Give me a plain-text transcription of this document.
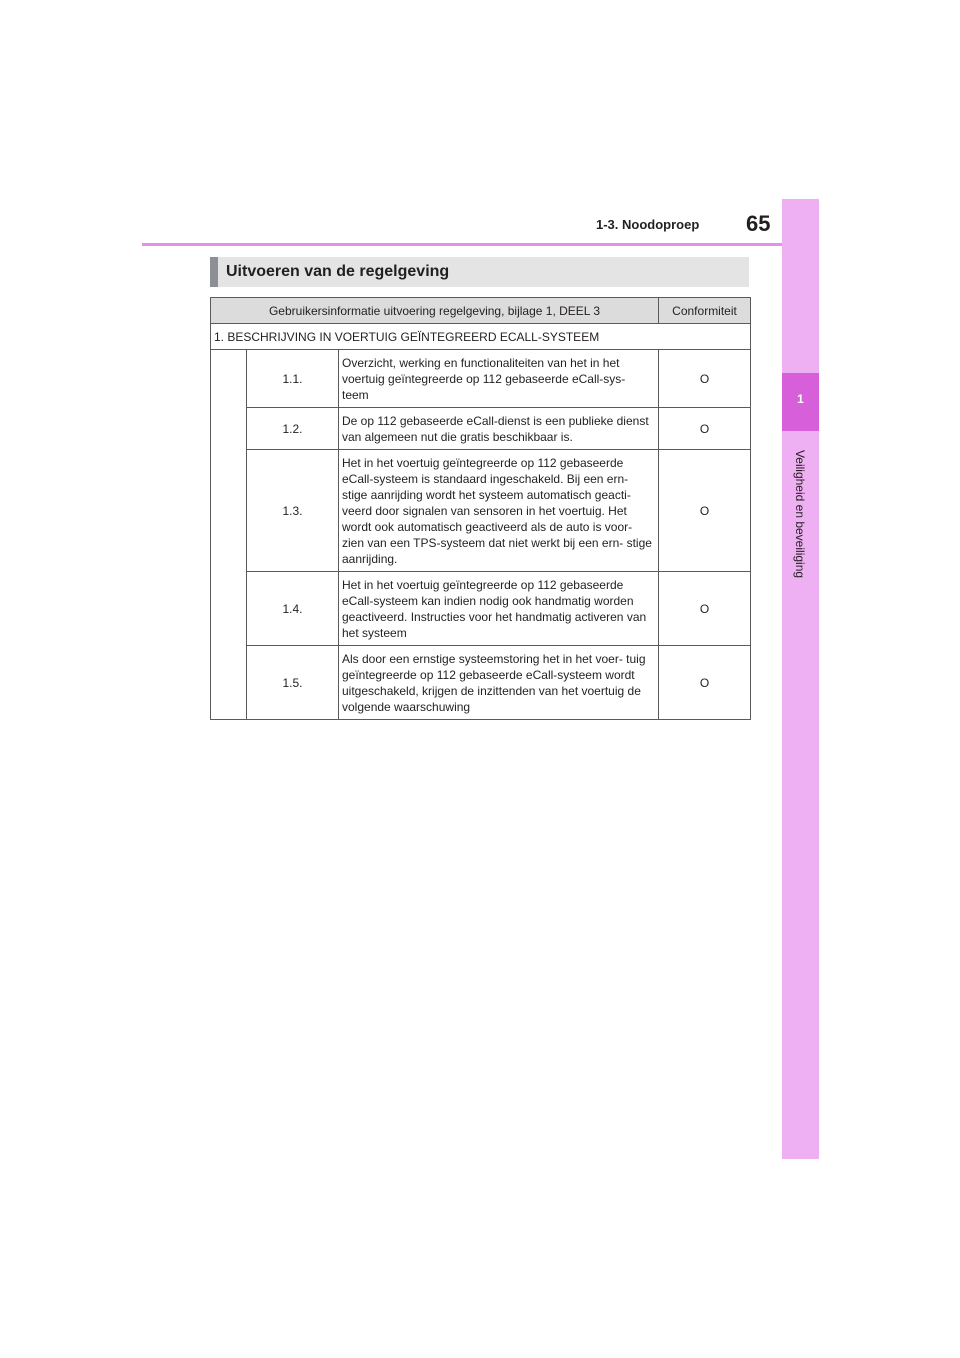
1-3. Noodoproep 65
1
Veiligheid en beveiliging
Uitvoeren van de regelgeving
Gebruikersinformatie uitvoering regelgeving, bijlage 1, DEEL 3			Conformiteit
1. BESCHRIJVING IN VOERTUIG GEÏNTEGREERD ECALL-SYSTEEM			
	1.1.	Overzicht, werking en functionaliteiten van het in het voertuig geïntegreerde op 112 gebaseerde eCall-sys- teem	O
	1.2.	De op 112 gebaseerde eCall-dienst is een publieke dienst van algemeen nut die gratis beschikbaar is.	O
	1.3.	Het in het voertuig geïntegreerde op 112 gebaseerde eCall-systeem is standaard ingeschakeld. Bij een ern- stige aanrijding wordt het systeem automatisch geacti- veerd door signalen van sensoren in het voertuig. Het wordt ook automatisch geactiveerd als de auto is voor- zien van een TPS-systeem dat niet werkt bij een ern- stige aanrijding.	O
	1.4.	Het in het voertuig geïntegreerde op 112 gebaseerde eCall-systeem kan indien nodig ook handmatig worden geactiveerd. Instructies voor het handmatig activeren van het systeem	O
	1.5.	Als door een ernstige systeemstoring het in het voer- tuig geïntegreerde op 112 gebaseerde eCall-systeem wordt uitgeschakeld, krijgen de inzittenden van het voertuig de volgende waarschuwing	O
